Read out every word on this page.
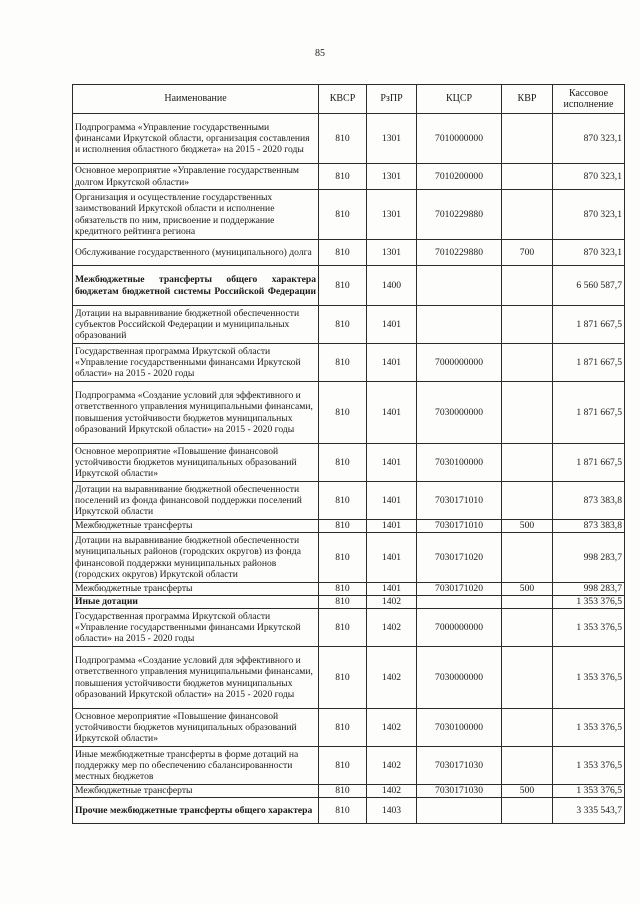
85
Наименование	КВСР	РзПР	КЦСР	КВР	Кассовое исполнение
Подпрограмма «Управление государственными финансами Иркутской области, организация составления и исполнения областного бюджета» на 2015 - 2020 годы	810	1301	7010000000		870 323,1
Основное мероприятие «Управление государственным долгом Иркутской области»	810	1301	7010200000		870 323,1
Организация и осуществление государственных заимствований Иркутской области и исполнение обязательств по ним, присвоение и поддержание кредитного рейтинга региона	810	1301	7010229880		870 323,1
Обслуживание государственного (муниципального) долга	810	1301	7010229880	700	870 323,1
Межбюджетные трансферты общего характера бюджетам бюджетной системы Российской Федерации	810	1400			6 560 587,7
Дотации на выравнивание бюджетной обеспеченности субъектов Российской Федерации и муниципальных образований	810	1401			1 871 667,5
Государственная программа Иркутской области «Управление государственными финансами Иркутской области» на 2015 - 2020 годы	810	1401	7000000000		1 871 667,5
Подпрограмма «Создание условий для эффективного и ответственного управления муниципальными финансами, повышения устойчивости бюджетов муниципальных образований Иркутской области» на 2015 - 2020 годы	810	1401	7030000000		1 871 667,5
Основное мероприятие «Повышение финансовой устойчивости бюджетов муниципальных образований Иркутской области»	810	1401	7030100000		1 871 667,5
Дотации на выравнивание бюджетной обеспеченности поселений из фонда финансовой поддержки поселений Иркутской области	810	1401	7030171010		873 383,8
Межбюджетные трансферты	810	1401	7030171010	500	873 383,8
Дотации на выравнивание бюджетной обеспеченности муниципальных районов (городских округов) из фонда финансовой поддержки муниципальных районов (городских округов) Иркутской области	810	1401	7030171020		998 283,7
Межбюджетные трансферты	810	1401	7030171020	500	998 283,7
Иные дотации	810	1402			1 353 376,5
Государственная программа Иркутской области «Управление государственными финансами Иркутской области» на 2015 - 2020 годы	810	1402	7000000000		1 353 376,5
Подпрограмма «Создание условий для эффективного и ответственного управления муниципальными финансами, повышения устойчивости бюджетов муниципальных образований Иркутской области» на 2015 - 2020 годы	810	1402	7030000000		1 353 376,5
Основное мероприятие «Повышение финансовой устойчивости бюджетов муниципальных образований Иркутской области»	810	1402	7030100000		1 353 376,5
Иные межбюджетные трансферты в форме дотаций на поддержку мер по обеспечению сбалансированности местных бюджетов	810	1402	7030171030		1 353 376,5
Межбюджетные трансферты	810	1402	7030171030	500	1 353 376,5
Прочие межбюджетные трансферты общего характера	810	1403			3 335 543,7
